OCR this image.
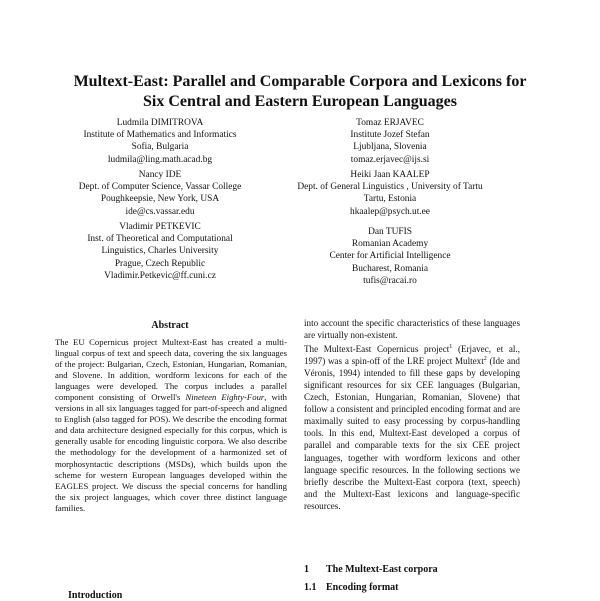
Multext-East: Parallel and Comparable Corpora and Lexicons for
Six Central and Eastern European Languages
Ludmila DIMITROVA
Institute of Mathematics and Informatics
Sofia, Bulgaria
ludmila@ling.math.acad.bg
Tomaz ERJAVEC
Institute Jozef Stefan
Ljubljana, Slovenia
tomaz.erjavec@ijs.si
Nancy IDE
Dept. of Computer Science, Vassar College
Poughkeepsie, New York, USA
ide@cs.vassar.edu
Heiki Jaan KAALEP
Dept. of General Linguistics , University of Tartu
Tartu, Estonia
hkaalep@psych.ut.ee
Vladimir PETKEVIC
Inst. of Theoretical and Computational
Linguistics, Charles University
Prague, Czech Republic
Vladimir.Petkevic@ff.cuni.cz
Dan TUFIS
Romanian Academy
Center for Artificial Intelligence
Bucharest, Romania
tufis@racai.ro
Abstract

The EU Copernicus project Multext-East has created a multi-lingual corpus of text and speech data, covering the six languages of the project: Bulgarian, Czech, Estonian, Hungarian, Romanian, and Slovene. In addition, wordform lexicons for each of the languages were developed. The corpus includes a parallel component consisting of Orwell's Nineteen Eighty-Four, with versions in all six languages tagged for part-of-speech and aligned to English (also tagged for POS). We describe the encoding format and data architecture designed especially for this corpus, which is generally usable for encoding linguistic corpora. We also describe the methodology for the development of a harmonized set of morphosyntactic descriptions (MSDs), which builds upon the scheme for western European languages developed within the EAGLES project. We discuss the special concerns for handling the six project languages, which cover three distinct language families.

Introduction

into account the specific characteristics of these languages are virtually non-existent.

The Multext-East Copernicus project$^1$ (Erjavec, et al., 1997) was a spin-off of the LRE project Multext$^2$ (Ide and Véronis, 1994) intended to fill these gaps by developing significant resources for six CEE languages (Bulgarian, Czech, Estonian, Hungarian, Romanian, Slovene) that follow a consistent and principled encoding format and are maximally suited to easy processing by corpus-handling tools. In this end, Multext-East developed a corpus of parallel and comparable texts for the six CEE project languages, together with wordform lexicons and other language specific resources. In the following sections we briefly describe the Multext-East corpora (text, speech) and the Multext-East lexicons and language-specific resources.

1 The Multext-East corpora
1.1 Encoding format
